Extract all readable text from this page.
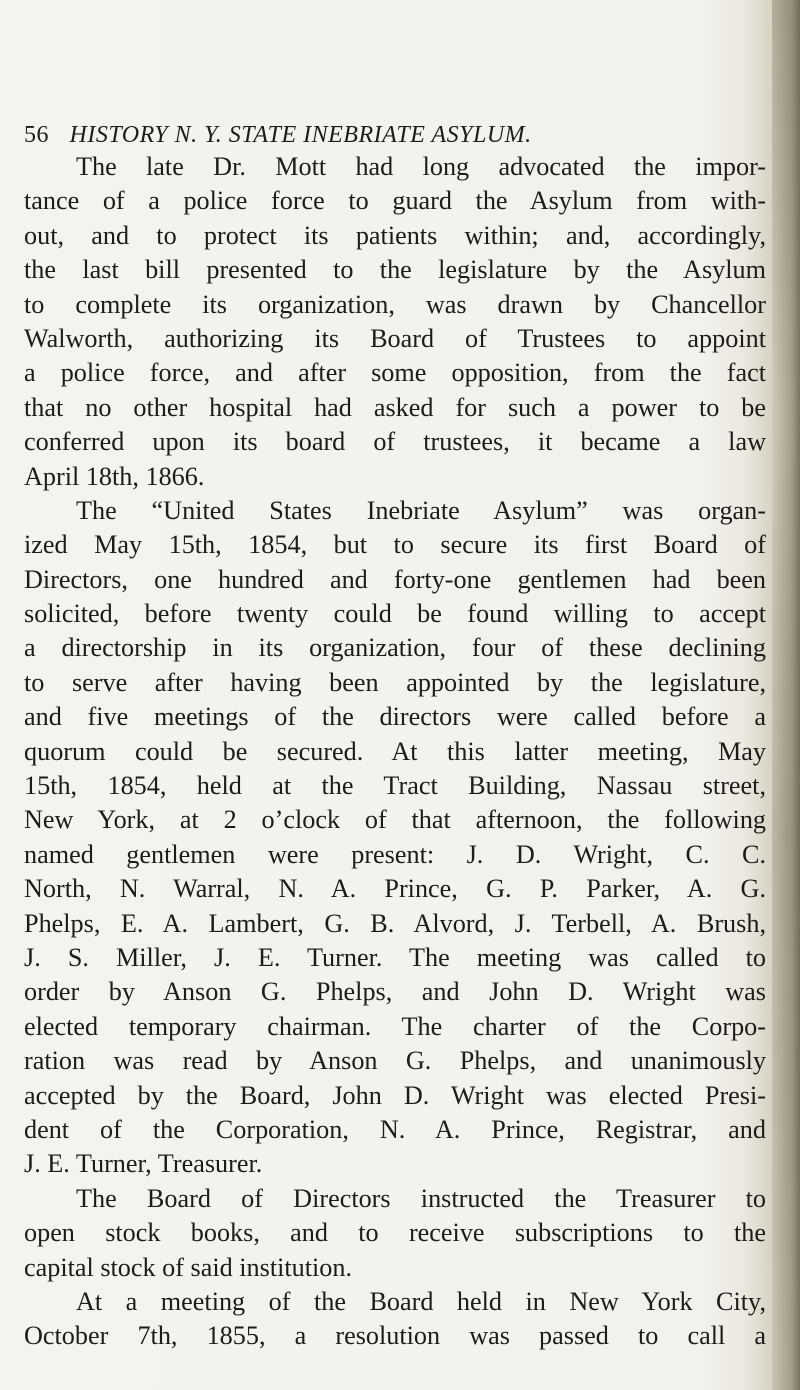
56 HISTORY N. Y. STATE INEBRIATE ASYLUM.
The late Dr. Mott had long advocated the impor-
tance of a police force to guard the Asylum from with-
out, and to protect its patients within; and, accordingly,
the last bill presented to the legislature by the Asylum
to complete its organization, was drawn by Chancellor
Walworth, authorizing its Board of Trustees to appoint
a police force, and after some opposition, from the fact
that no other hospital had asked for such a power to be
conferred upon its board of trustees, it became a law
April 18th, 1866.
The “United States Inebriate Asylum” was organ-
ized May 15th, 1854, but to secure its first Board of
Directors, one hundred and forty-one gentlemen had been
solicited, before twenty could be found willing to accept
a directorship in its organization, four of these declining
to serve after having been appointed by the legislature,
and five meetings of the directors were called before a
quorum could be secured. At this latter meeting, May
15th, 1854, held at the Tract Building, Nassau street,
New York, at 2 o’clock of that afternoon, the following
named gentlemen were present: J. D. Wright, C. C.
North, N. Warral, N. A. Prince, G. P. Parker, A. G.
Phelps, E. A. Lambert, G. B. Alvord, J. Terbell, A. Brush,
J. S. Miller, J. E. Turner. The meeting was called to
order by Anson G. Phelps, and John D. Wright was
elected temporary chairman. The charter of the Corpo-
ration was read by Anson G. Phelps, and unanimously
accepted by the Board, John D. Wright was elected Presi-
dent of the Corporation, N. A. Prince, Registrar, and
J. E. Turner, Treasurer.
The Board of Directors instructed the Treasurer to
open stock books, and to receive subscriptions to the
capital stock of said institution.
At a meeting of the Board held in New York City,
October 7th, 1855, a resolution was passed to call a
